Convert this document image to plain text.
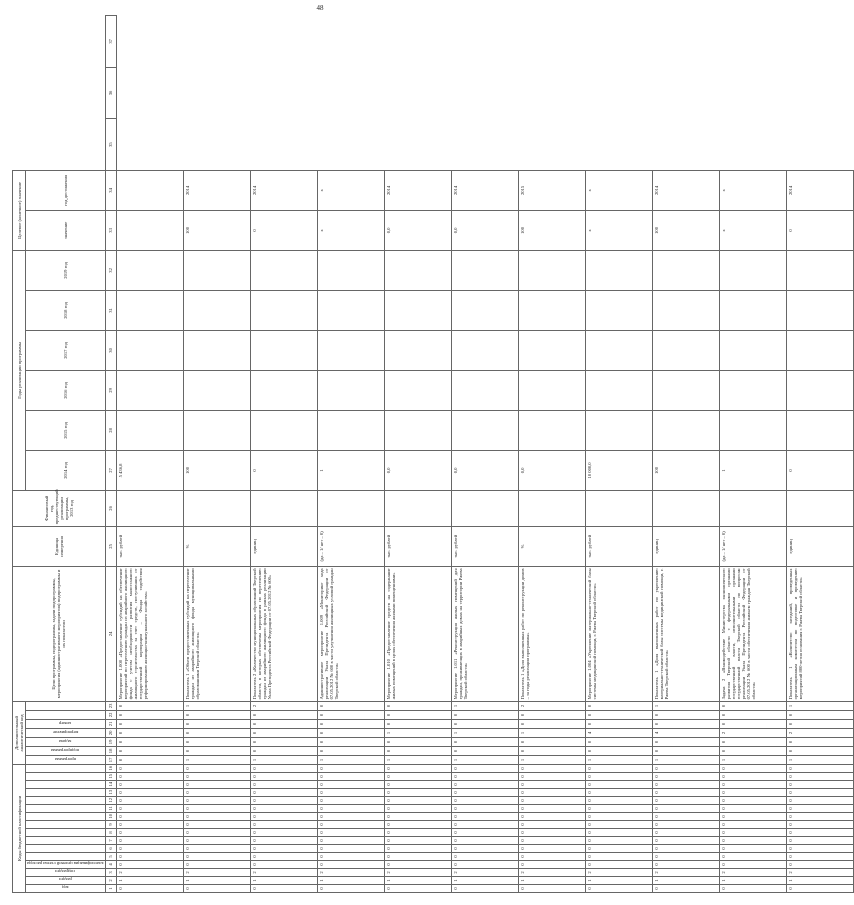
48
Коды бюджетной классификации																Дополнительный аналитический код							Цели программы, подпрограммы, задачи подпрограммы, мероприятия (административного мероприятия) подпрограммы и их показатели	Единица измерения	Финансовый год, предшествующий реализации программы, 2013 год	Годы реализации программы						Целевое (конечное) значение				

код	раздел	подраздел	классификация целевой статьи расхода													программа	подпрограмма	задача	мероприятие	номер						2014 год	2015 год	2016 год	2017 год	2018 год	2019 год	значение	год достижения			
1	2	3	4	5	6	7	8	9	10	11	12	13	14	15	16	17	18	19	20	21	22	23	24	25	26	27	28	29	30	31	32	33	34	35	36	37
0	1	2	0	0	0	0	0	0	0	0	0	0	0	0	0	0	0	0	0	0	0	0	Мероприятие 1.008 «Предоставление субсидий на обеспечение мероприятий по переселению граждан из аварийного жилищного фонда с учетом необходимости развития малоэтажного жилищного строительства за счет средств, поступивших от государственной корпорации – Фонда содействия реформированию жилищно-коммунального хозяйства»	тыс. рублей		5 436,8										
0	1	2	0	0	0	0	0	0	0	0	0	0	0	0	0	1	0	0	0	0	0	1	Показатель 1 «Объем предоставленных субсидий на переселение граждан из аварийного жилищного фонда муниципальными образованиями Тверской области»	%		100						100	2014			
0	1	2	0	0	0	0	0	0	0	0	0	0	0	0	0	1	0	0	0	0	0	2	Показатель 2 «Количество муниципальных образований Тверской области, в которых обеспечены мероприятия по переселению граждан из аварийного жилищного фонда в рамках реализации Указа Президента Российской Федерации от 07.05.2012 № 600»	единиц		0						0	2014			
0	1	2	0	0	0	0	0	0	0	0	0	0	0	0	0	1	0	0	0	0	0	0	Административное мероприятие 1.009 «Мониторинг хода реализации Указа Президента Российской Федерации от 07.05.2012 № 600 в части улучшения жилищных условий граждан Тверской области»	(да – 1/ нет – 0)		1						x	x			
0	1	2	0	0	0	0	0	0	0	0	0	0	0	0	0	1	0	0	1	0	0	0	Мероприятие 1.010 «Предоставление средств на содержание жилых помещений в целях обеспечения жилыми помещениями»	тыс. рублей		0,0						0,0	2014			
0	1	2	0	0	0	0	0	0	0	0	0	0	0	0	0	1	0	0	1	0	0	1	Мероприятие 1.011 «Реконструкция жилых помещений для граждан, проживающих в аварийных домах на территории Ржева Тверской области»	тыс. рублей		0,0						0,0	2014			
0	1	2	0	0	0	0	0	0	0	0	0	0	0	0	0	1	0	0	1	0	0	2	Показатель 1 «Доля выполненных работ по реконструкции домов – за годы реализации программы»	%		0,0						100	2015			
0	1	2	0	0	0	0	0	0	0	0	0	0	0	0	0	1	0	0	4	0	0	0	Мероприятие 1.004 «Укрепление материально-технической базы системы медицинской помощи, г. Ржева Тверской области»	тыс. рублей		10 000,0						x	x			
0	1	2	0	0	0	0	0	0	0	0	0	0	0	0	0	1	0	0	4	0	0	1	Показатель 1 «Доля выполненных работ по укреплению материально-технической базы системы медицинской помощи, г. Ржева Тверской области»	единиц		100						100	2014			
0	1	2	0	0	0	0	0	0	0	0	0	0	0	0	0	1	0	0	2	0	0	0	Задача 2 «Взаимодействие Министерства экономического развития Тверской области с федеральными органами государственной власти, исполнительными органами государственной власти Тверской области по вопросам реализации Указа Президента Российской Федерации от 07.05.2012 № 600 в части обеспечения жильем граждан Тверской области»	(да – 1/ нет – 0)		1						x	x			
0	1	2	0	0	0	0	0	0	0	0	0	0	0	0	0	1	0	0	2	0	0	1	Показатель 1 «Количество заседаний, проведенных организационным комитетом по подготовке и проведению мероприятий 800-летия основания г. Ржева Тверской области»	единиц		0						0	2014			
